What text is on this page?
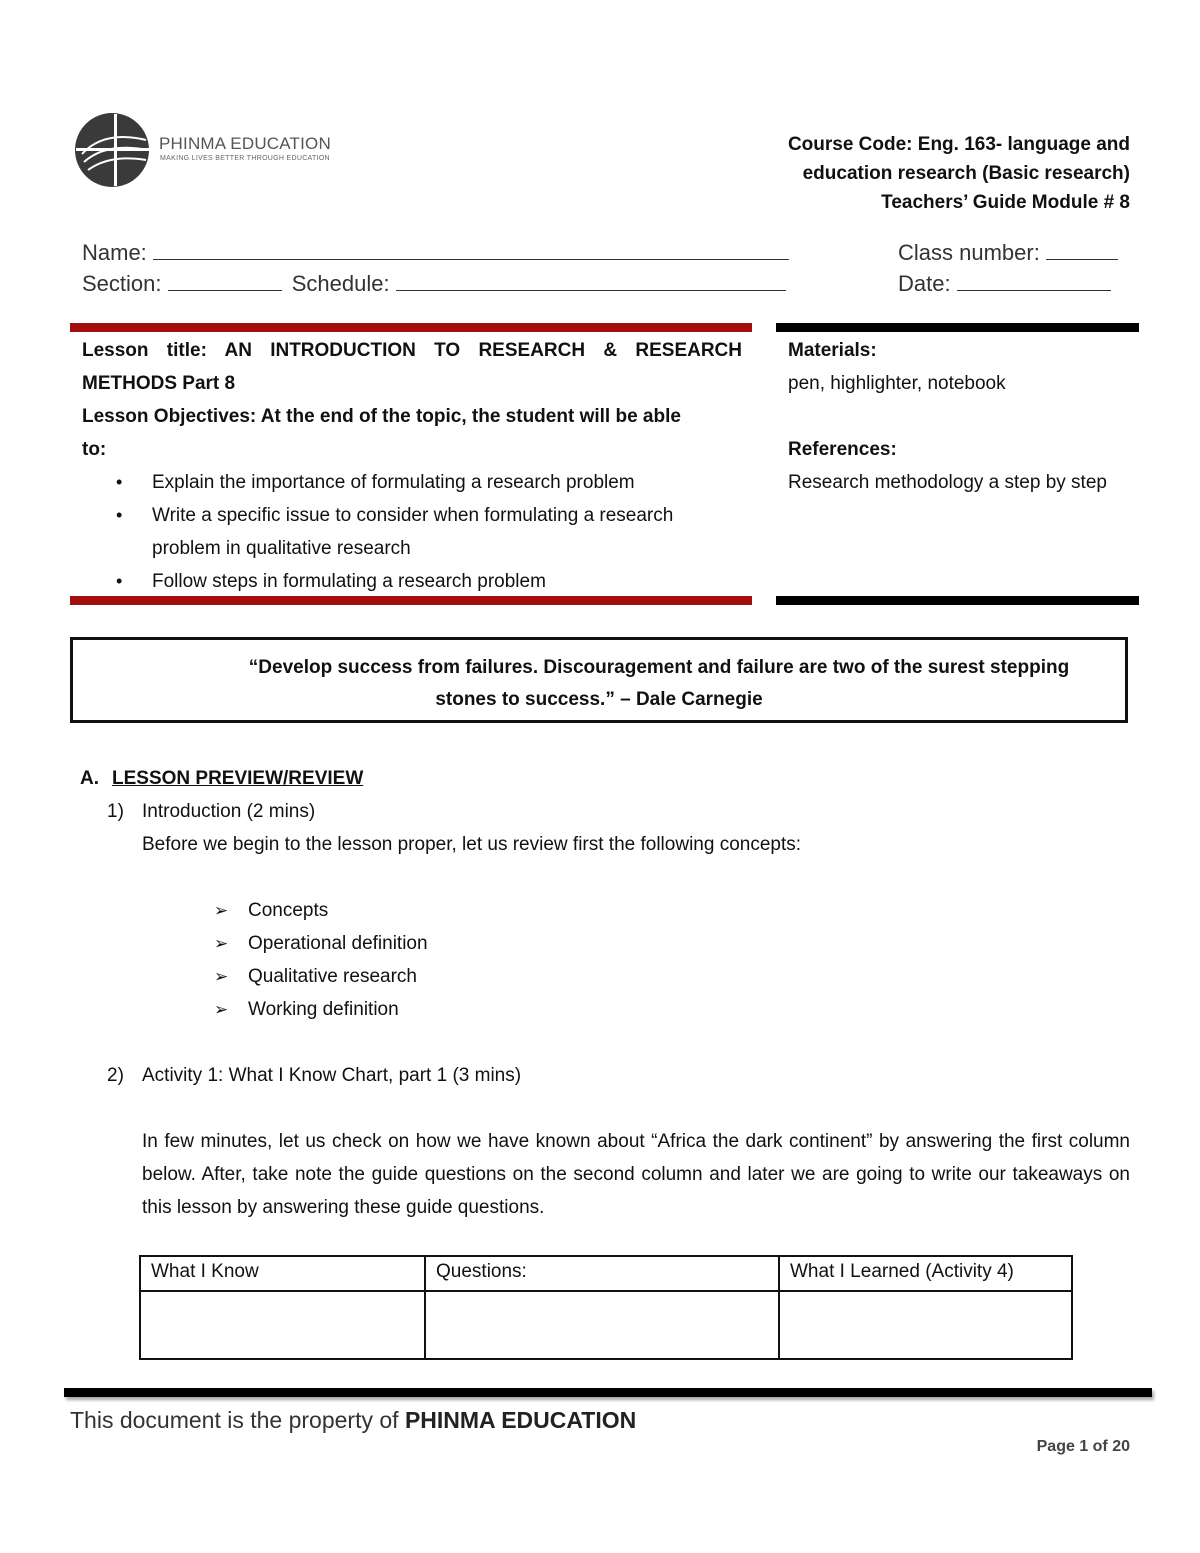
PHINMA EDUCATION
MAKING LIVES BETTER THROUGH EDUCATION
Course Code: Eng. 163- language and
education research (Basic research)
Teachers’ Guide Module # 8
Name:	Class number:
Section:	Schedule:	Date:
Lesson title: AN INTRODUCTION TO RESEARCH & RESEARCH
METHODS Part 8
Lesson Objectives: At the end of the topic, the student will be able
to:
• Explain the importance of formulating a research problem
• Write a specific issue to consider when formulating a research problem in qualitative research
• Follow steps in formulating a research problem
Materials:
pen, highlighter, notebook
References:
Research methodology a step by step
“Develop success from failures. Discouragement and failure are two of the surest stepping
stones to success.” – Dale Carnegie
A. LESSON PREVIEW/REVIEW
1) Introduction (2 mins)
Before we begin to the lesson proper, let us review first the following concepts:
➢ Concepts
➢ Operational definition
➢ Qualitative research
➢ Working definition
2) Activity 1: What I Know Chart, part 1 (3 mins)
In few minutes, let us check on how we have known about “Africa the dark continent” by answering the first column below. After, take note the guide questions on the second column and later we are going to write our takeaways on this lesson by answering these guide questions.
What I Know	Questions:	What I Learned (Activity 4)

This document is the property of PHINMA EDUCATION
Page 1 of 20
